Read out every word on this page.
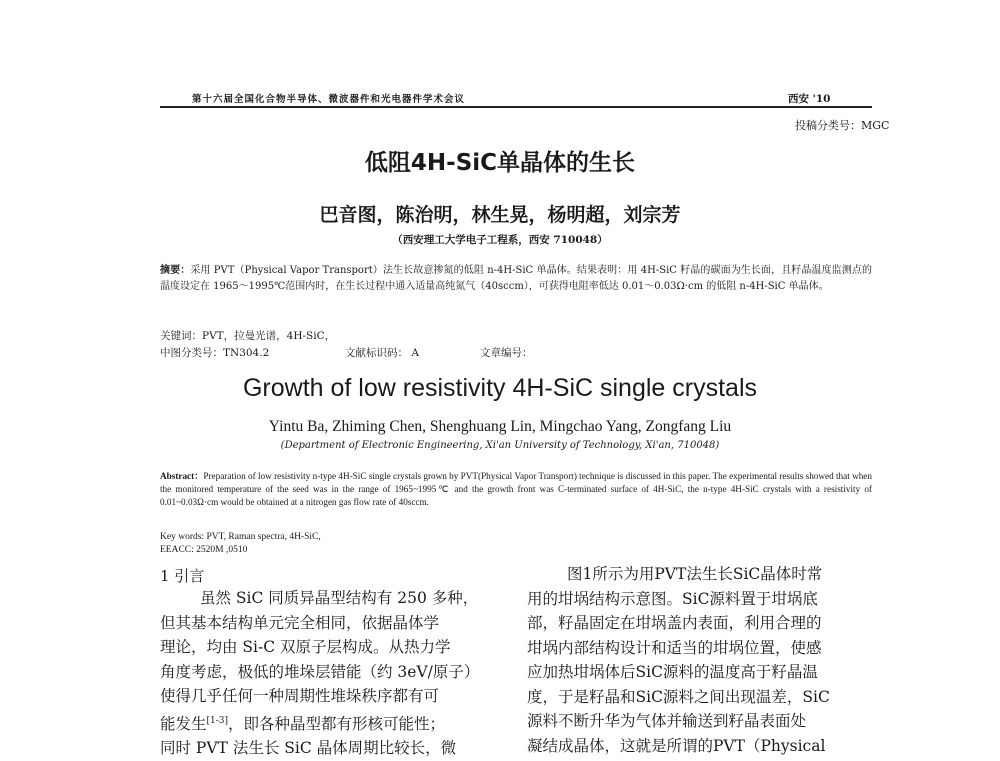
第十六届全国化合物半导体、微波器件和光电器件学术会议	西安 '10
投稿分类号：MGC
低阻4H-SiC单晶体的生长
巴音图，陈治明，林生晃，杨明超，刘宗芳
（西安理工大学电子工程系，西安 710048）
摘要：采用 PVT（Physical Vapor Transport）法生长故意掺氮的低阻 n-4H-SiC 单晶体。结果表明：用 4H-SiC 籽晶的碳面为生长面，且籽晶温度监测点的温度设定在 1965～1995℃范围内时，在生长过程中通入适量高纯氮气（40sccm），可获得电阻率低达 0.01～0.03Ω·cm 的低阻 n-4H-SiC 单晶体。
关键词：PVT，拉曼光谱，4H-SiC，
中图分类号：TN304.2	文献标识码： A	文章编号：
Growth of low resistivity 4H-SiC single crystals
Yintu Ba, Zhiming Chen, Shenghuang Lin, Mingchao Yang, Zongfang Liu
(Department of Electronic Engineering, Xi'an University of Technology, Xi'an, 710048)
Abstract：Preparation of low resistivity n-type 4H-SiC single crystals grown by PVT(Physical Vapor Transport) technique is discussed in this paper. The experimental results showed that when the monitored temperature of the seed was in the range of 1965~1995℃ and the growth front was C-terminated surface of 4H-SiC, the n-type 4H-SiC crystals with a resistivity of 0.01~0.03Ω·cm would be obtained at a nitrogen gas flow rate of 40sccm.
Key words: PVT, Raman spectra, 4H-SiC,
EEACC: 2520M ,0510
1 引言
虽然 SiC 同质异晶型结构有 250 多种，
但其基本结构单元完全相同，依据晶体学
理论，均由 Si-C 双原子层构成。从热力学
角度考虑，极低的堆垛层错能（约 3eV/原子）
使得几乎任何一种周期性堆垛秩序都有可
能发生[1-3]，即各种晶型都有形核可能性；
同时 PVT 法生长 SiC 晶体周期比较长，微
图1所示为用PVT法生长SiC晶体时常
用的坩埚结构示意图。SiC源料置于坩埚底
部，籽晶固定在坩埚盖内表面，利用合理的
坩埚内部结构设计和适当的坩埚位置，使感
应加热坩埚体后SiC源料的温度高于籽晶温
度，于是籽晶和SiC源料之间出现温差，SiC
源料不断升华为气体并输送到籽晶表面处
凝结成晶体，这就是所谓的PVT（Physical
